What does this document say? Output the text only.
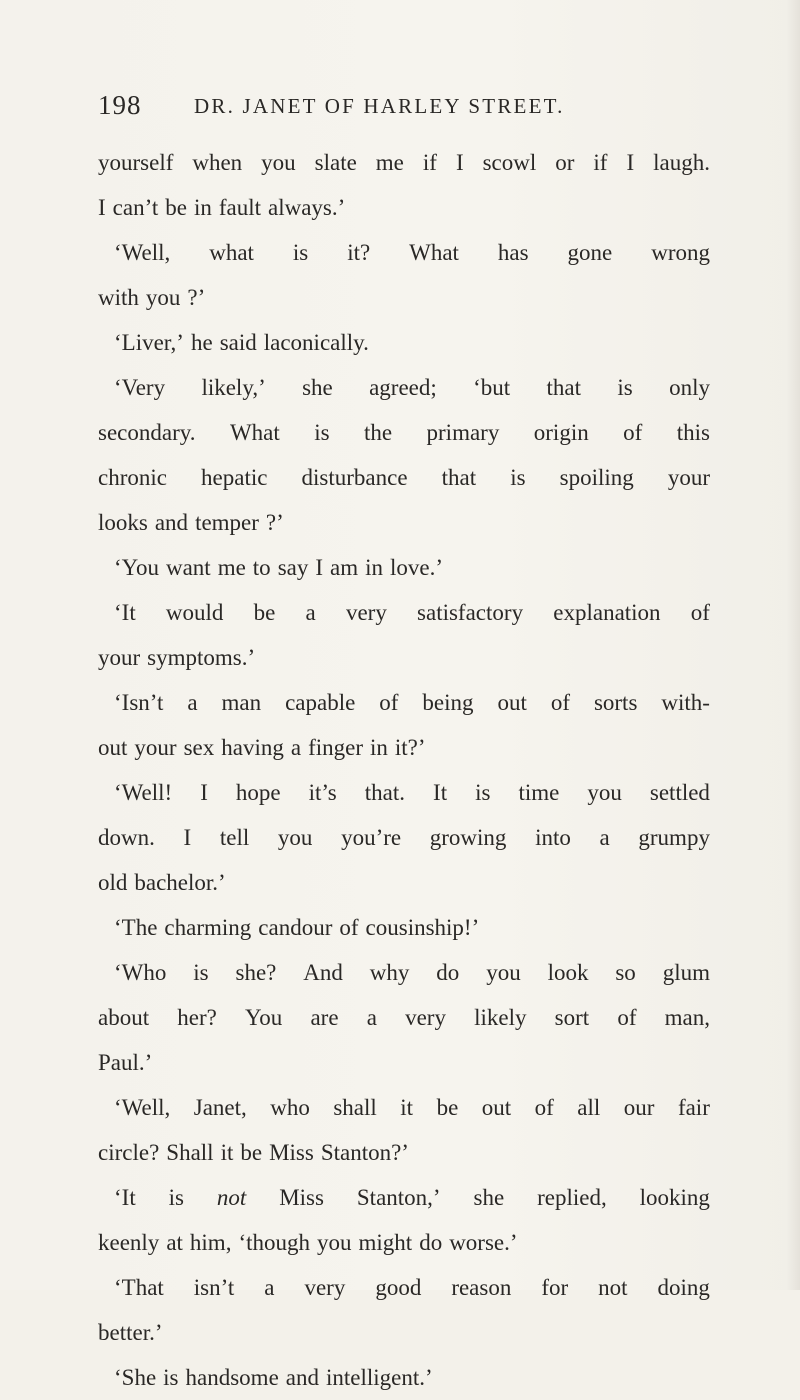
198	DR. JANET OF HARLEY STREET.
yourself when you slate me if I scowl or if I laugh.
I can’t be in fault always.’
‘Well, what is it? What has gone wrong
with you ?’
‘Liver,’ he said laconically.
‘Very likely,’ she agreed; ‘but that is only
secondary. What is the primary origin of this
chronic hepatic disturbance that is spoiling your
looks and temper ?’
‘You want me to say I am in love.’
‘It would be a very satisfactory explanation of
your symptoms.’
‘Isn’t a man capable of being out of sorts with-
out your sex having a finger in it?’
‘Well! I hope it’s that. It is time you settled
down. I tell you you’re growing into a grumpy
old bachelor.’
‘The charming candour of cousinship!’
‘Who is she? And why do you look so glum
about her? You are a very likely sort of man,
Paul.’
‘Well, Janet, who shall it be out of all our fair
circle? Shall it be Miss Stanton?’
‘It is not Miss Stanton,’ she replied, looking
keenly at him, ‘though you might do worse.’
‘That isn’t a very good reason for not doing
better.’
‘She is handsome and intelligent.’
